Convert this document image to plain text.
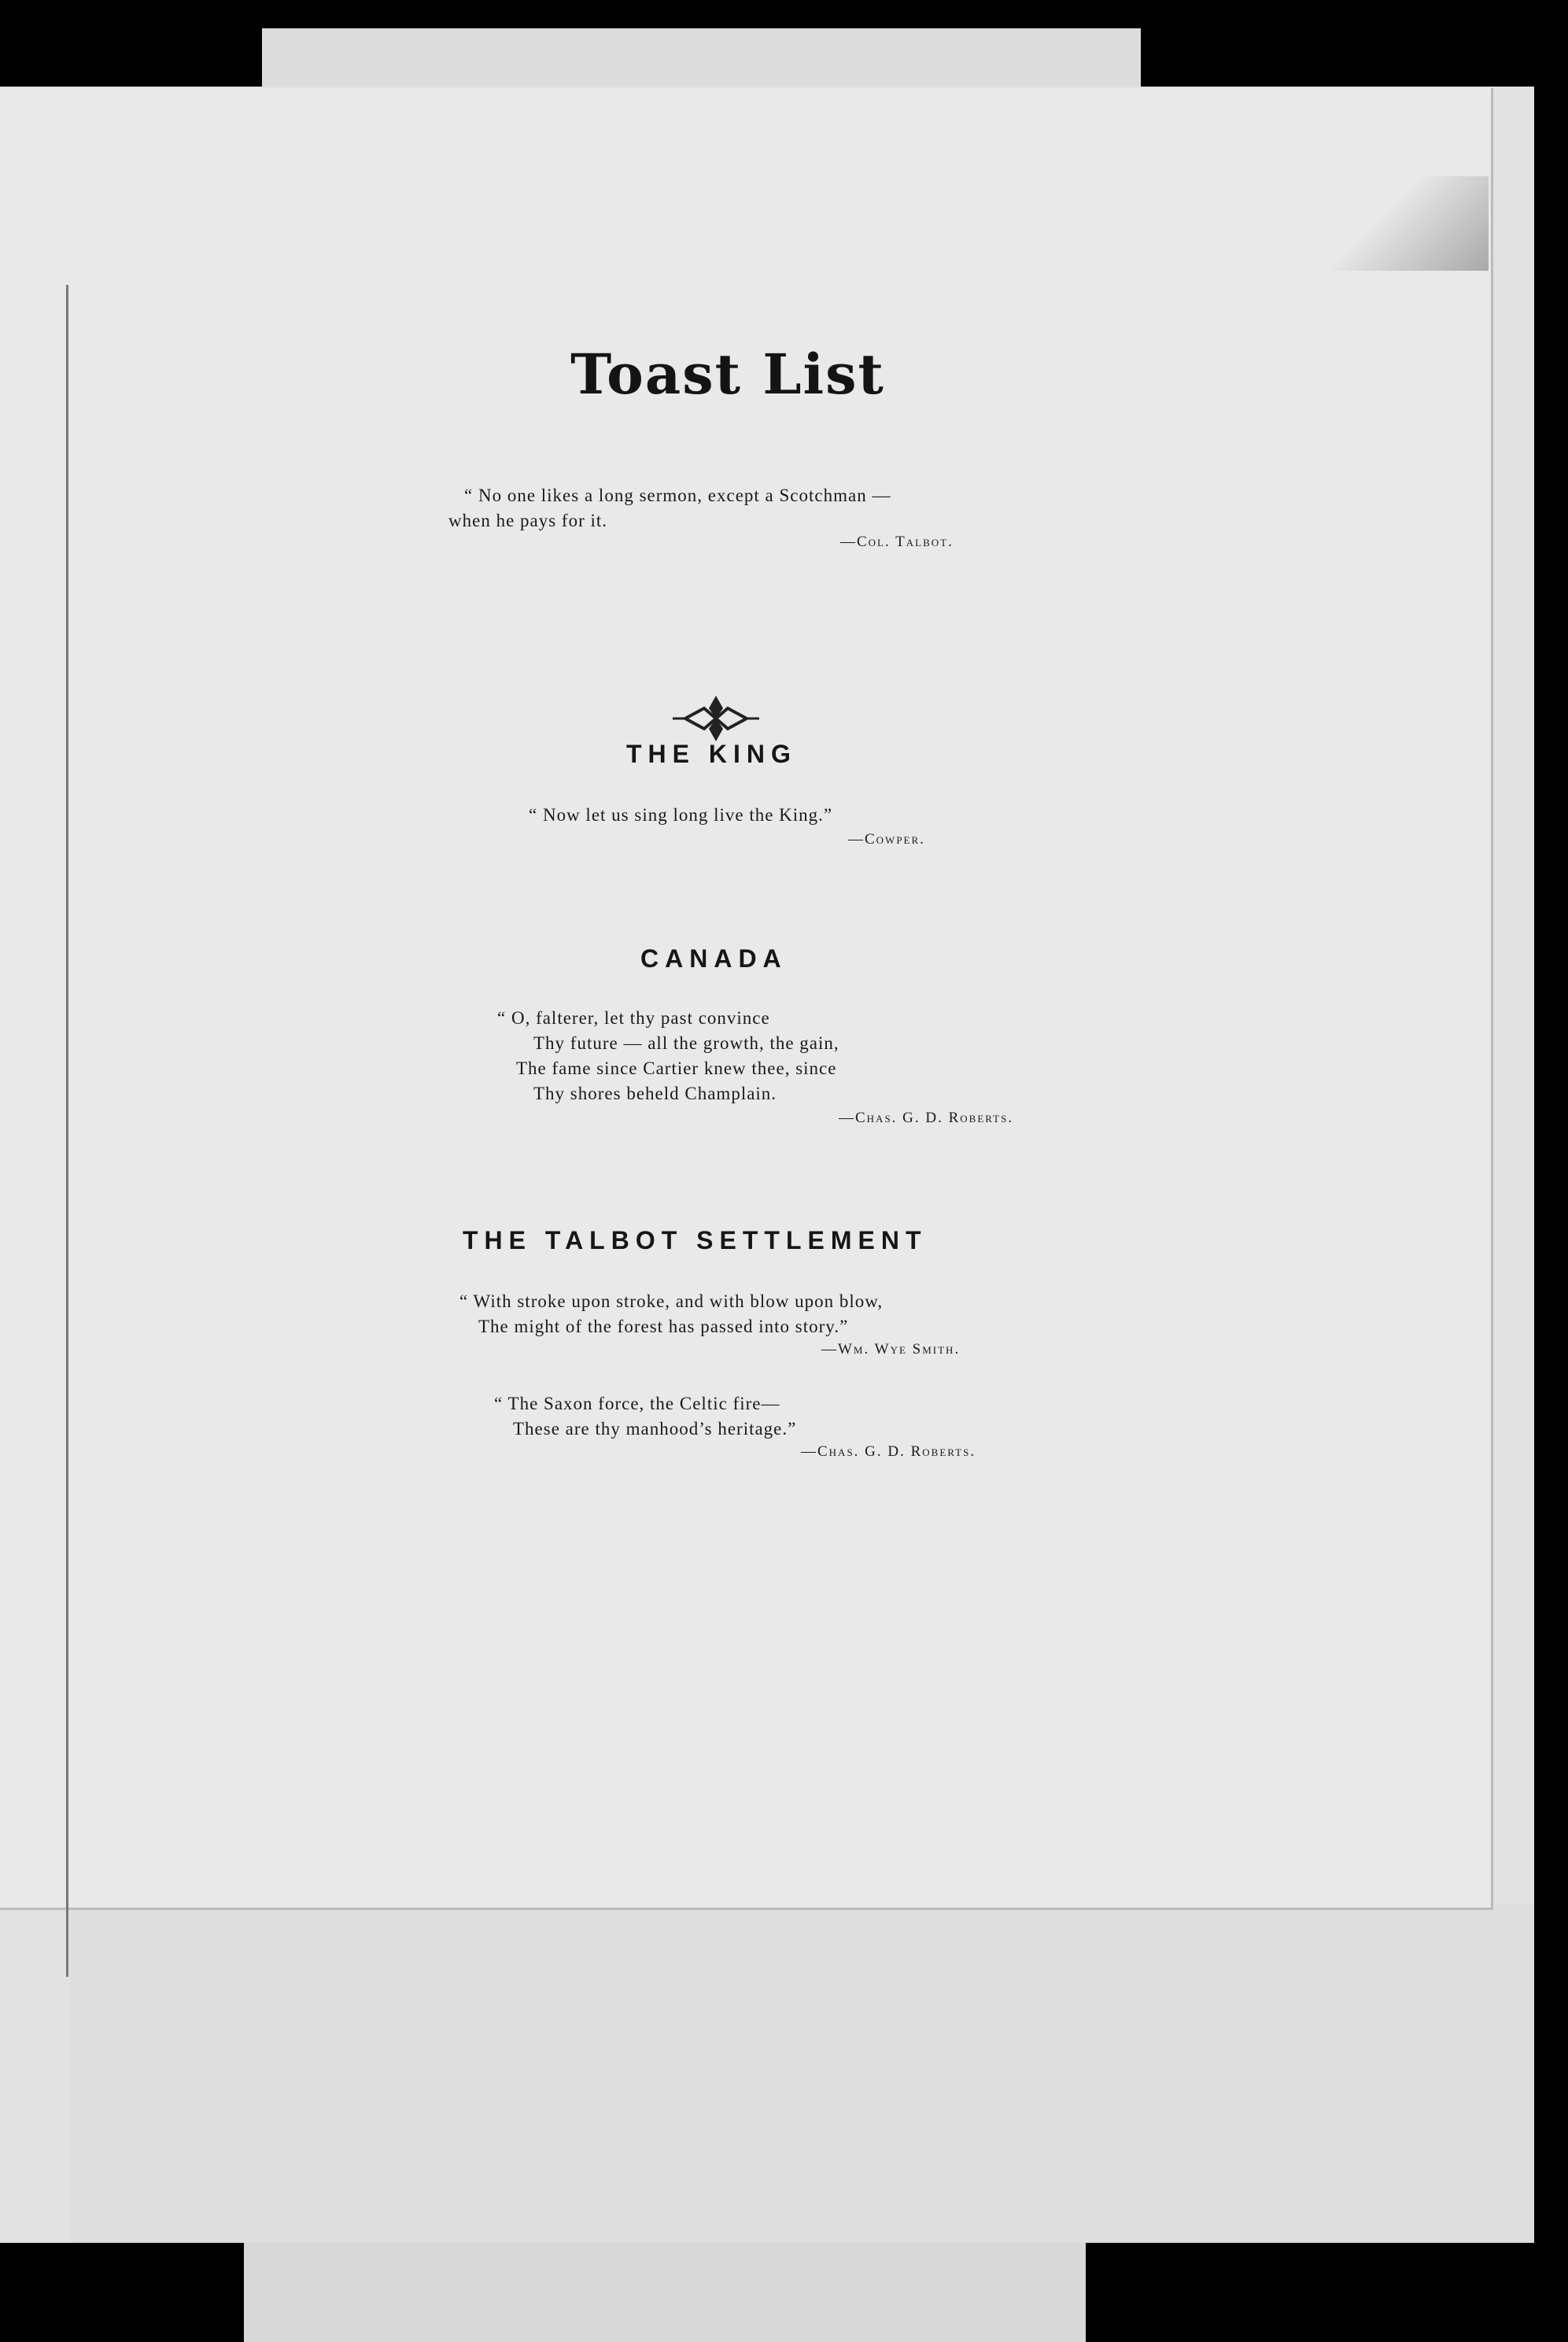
Toast List
“ No one likes a long sermon, except a Scotchman —
when he pays for it.
—Col. Talbot.
THE KING
“ Now let us sing long live the King.”
—Cowper.
CANADA
“ O, falterer, let thy past convince
Thy future — all the growth, the gain,
The fame since Cartier knew thee, since
Thy shores beheld Champlain.
—Chas. G. D. Roberts.
THE TALBOT SETTLEMENT
“ With stroke upon stroke, and with blow upon blow,
The might of the forest has passed into story.”
—Wm. Wye Smith.
“ The Saxon force, the Celtic fire—
These are thy manhood’s heritage.”
—Chas. G. D. Roberts.
